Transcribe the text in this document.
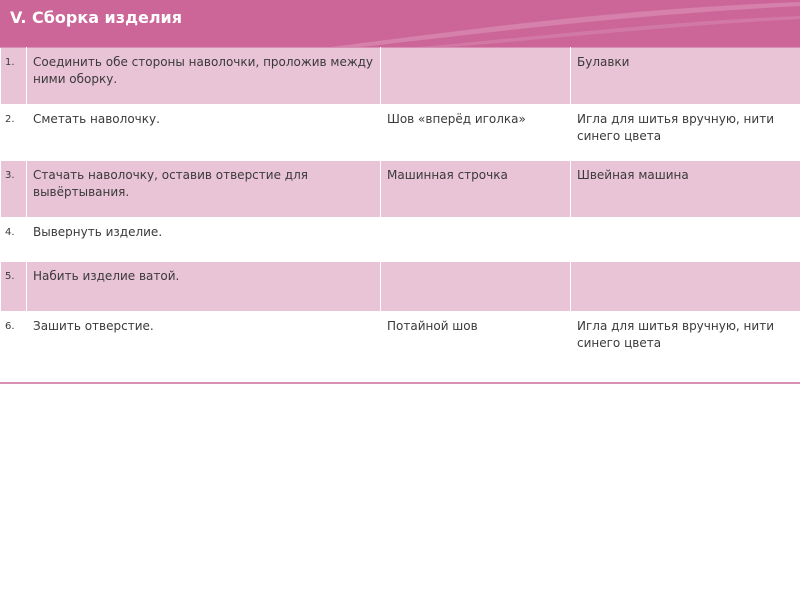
V. Сборка изделия
1.	Соединить обе стороны наволочки, проложив между ними оборку.		Булавки
2.	Сметать наволочку.	Шов «вперёд иголка»	Игла для шитья вручную, нити синего цвета
3.	Стачать наволочку, оставив отверстие для вывёртывания.	Машинная строчка	Швейная машина
4.	Вывернуть изделие.		
5.	Набить изделие ватой.		
6.	Зашить отверстие.	Потайной шов	Игла для шитья вручную, нити синего цвета
